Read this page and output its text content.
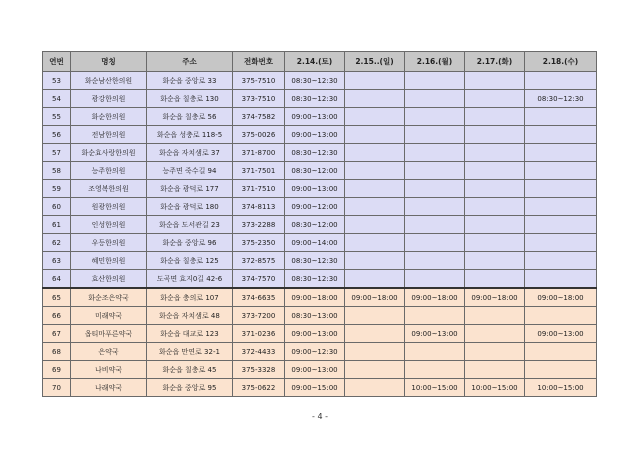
연번	명칭	주소	전화번호	2.14.(토)	2.15..(일)	2.16.(월)	2.17.(화)	2.18.(수)
53	화순남산한의원	화순읍 중앙로 33	375-7510	08:30~12:30				
54	광강한의원	화순읍 칠충로 130	373-7510	08:30~12:30				08:30~12:30
55	화순한의원	화순읍 칠충로 56	374-7582	09:00~13:00				
56	전남한의원	화순읍 성충로 118-5	375-0026	09:00~13:00				
57	화순효사랑한의원	화순읍 자치샘로 37	371-8700	08:30~12:30				
58	능주한의원	능주면 죽수길 94	371-7501	08:30~12:00				
59	조영복한의원	화순읍 광덕로 177	371-7510	09:00~13:00				
60	원광한의원	화순읍 광덕로 180	374-8113	09:00~12:00				
61	인성한의원	화순읍 도서관길 23	373-2288	08:30~12:00				
62	우등한의원	화순읍 중앙로 96	375-2350	09:00~14:00				
63	혜민한의원	화순읍 칠충로 125	372-8575	08:30~12:30				
64	효산한의원	도곡면 효지0길 42-6	374-7570	08:30~12:30				
65	화순조은약국	화순읍 충의로 107	374-6635	09:00~18:00	09:00~18:00	09:00~18:00	09:00~18:00	09:00~18:00
66	미래약국	화순읍 자치샘로 48	373-7200	08:30~13:00				
67	옵티마푸른약국	화순읍 대교로 123	371-0236	09:00~13:00		09:00~13:00		09:00~13:00
68	은약국	화순읍 만연로 32-1	372-4433	09:00~12:30				
69	나비약국	화순읍 칠충로 45	375-3328	09:00~13:00				
70	나래약국	화순읍 중앙로 95	375-0622	09:00~15:00		10:00~15:00	10:00~15:00	10:00~15:00
- 4 -
